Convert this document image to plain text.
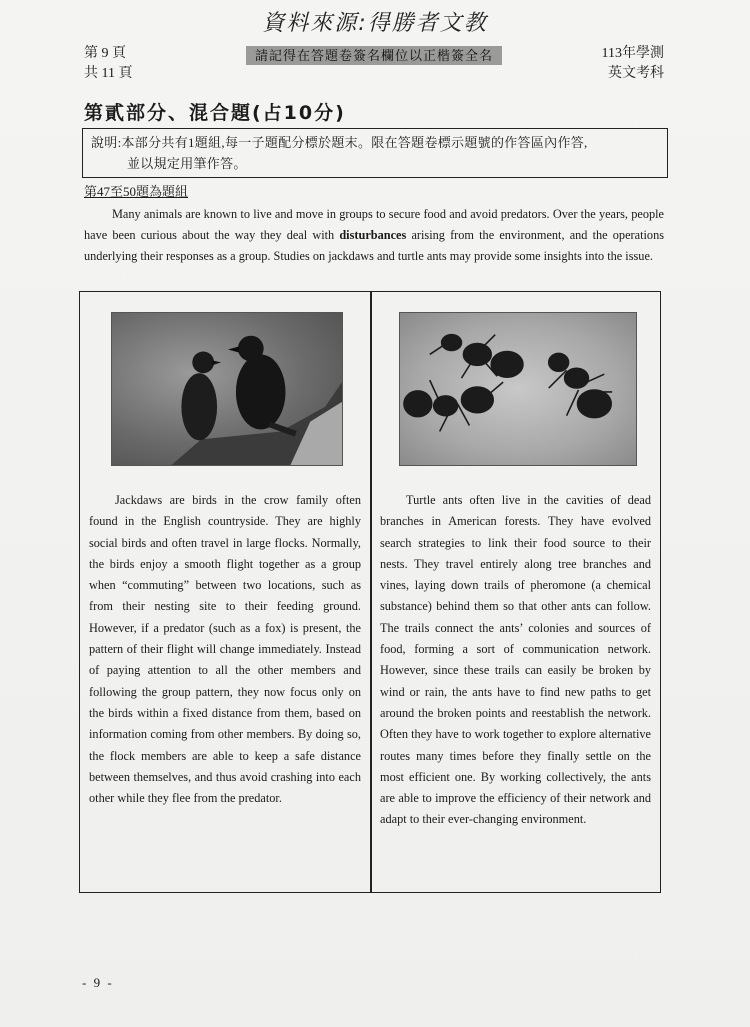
資料來源:得勝者文教
第 9 頁
共 11 頁
請記得在答題卷簽名欄位以正楷簽全名	113年學測
英文考科
第貳部分、混合題(占10分)
說明:本部分共有1題組,每一子題配分標於題末。限在答題卷標示題號的作答區內作答,
並以規定用筆作答。
第47至50題為題組

Many animals are known to live and move in groups to secure food and avoid predators. Over the years, people have been curious about the way they deal with disturbances arising from the environment, and the operations underlying their responses as a group. Studies on jackdaws and turtle ants may provide some insights into the issue.

Jackdaws are birds in the crow family often found in the English countryside. They are highly social birds and often travel in large flocks. Normally, the birds enjoy a smooth flight together as a group when “commuting” between two locations, such as from their nesting site to their feeding ground. However, if a predator (such as a fox) is present, the pattern of their flight will change immediately. Instead of paying attention to all the other members and following the group pattern, they now focus only on the birds within a fixed distance from them, based on information coming from other members. By doing so, the flock members are able to keep a safe distance between themselves, and thus avoid crashing into each other while they flee from the predator.

Turtle ants often live in the cavities of dead branches in American forests. They have evolved search strategies to link their food source to their nests. They travel entirely along tree branches and vines, laying down trails of pheromone (a chemical substance) behind them so that other ants can follow. The trails connect the ants’ colonies and sources of food, forming a sort of communication network. However, since these trails can easily be broken by wind or rain, the ants have to find new paths to get around the broken points and reestablish the network. Often they have to work together to explore alternative routes many times before they finally settle on the most efficient one. By working collectively, the ants are able to improve the efficiency of their network and adapt to their ever-changing environment.

- 9 -
